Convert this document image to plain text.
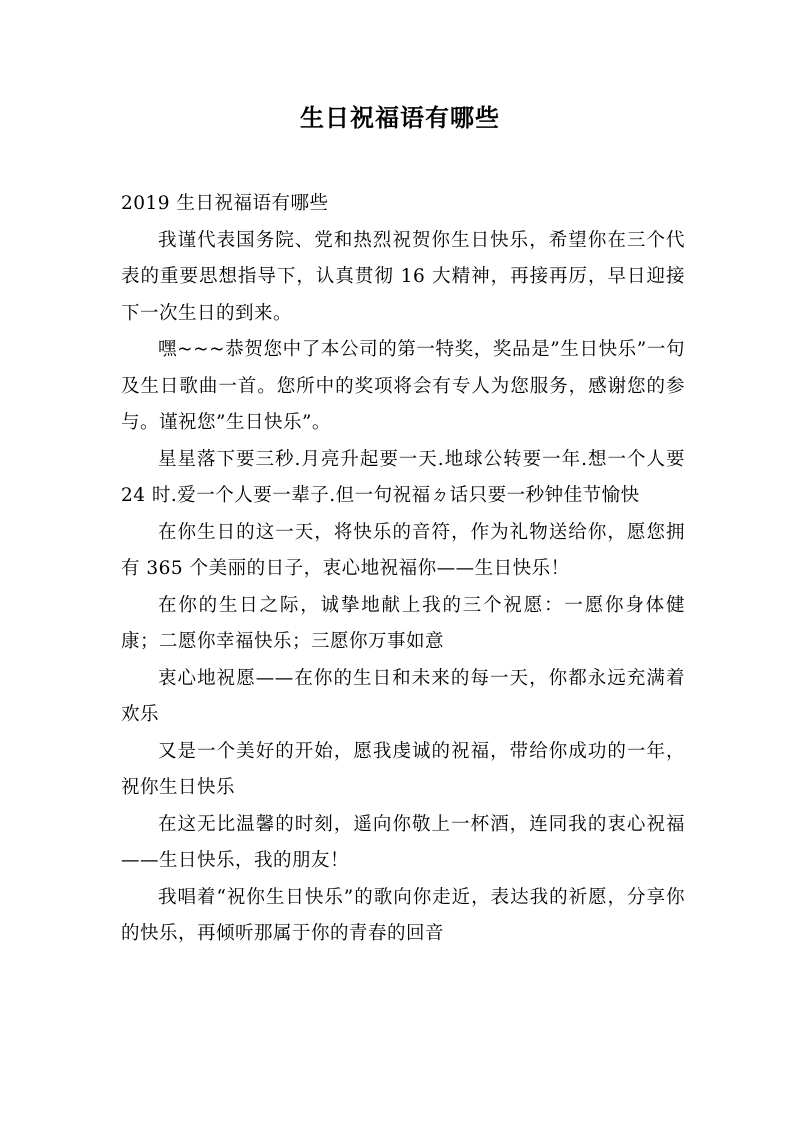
生日祝福语有哪些

2019 生日祝福语有哪些

我谨代表国务院、党和热烈祝贺你生日快乐，希望你在三个代表的重要思想指导下，认真贯彻 16 大精神，再接再厉，早日迎接下一次生日的到来。

嘿~~~恭贺您中了本公司的第一特奖，奖品是”生日快乐”一句及生日歌曲一首。您所中的奖项将会有专人为您服务，感谢您的参与。谨祝您”生日快乐”。

星星落下要三秒.月亮升起要一天.地球公转要一年.想一个人要 24 时.爱一个人要一辈子.但一句祝福ㄉ话只要一秒钟佳节愉快

在你生日的这一天，将快乐的音符，作为礼物送给你，愿您拥有 365 个美丽的日子，衷心地祝福你——生日快乐！

在你的生日之际，诚挚地献上我的三个祝愿：一愿你身体健康；二愿你幸福快乐；三愿你万事如意

衷心地祝愿——在你的生日和未来的每一天，你都永远充满着欢乐

又是一个美好的开始，愿我虔诚的祝福，带给你成功的一年，祝你生日快乐

在这无比温馨的时刻，遥向你敬上一杯酒，连同我的衷心祝福——生日快乐，我的朋友！

我唱着“祝你生日快乐”的歌向你走近，表达我的祈愿，分享你的快乐，再倾听那属于你的青春的回音
